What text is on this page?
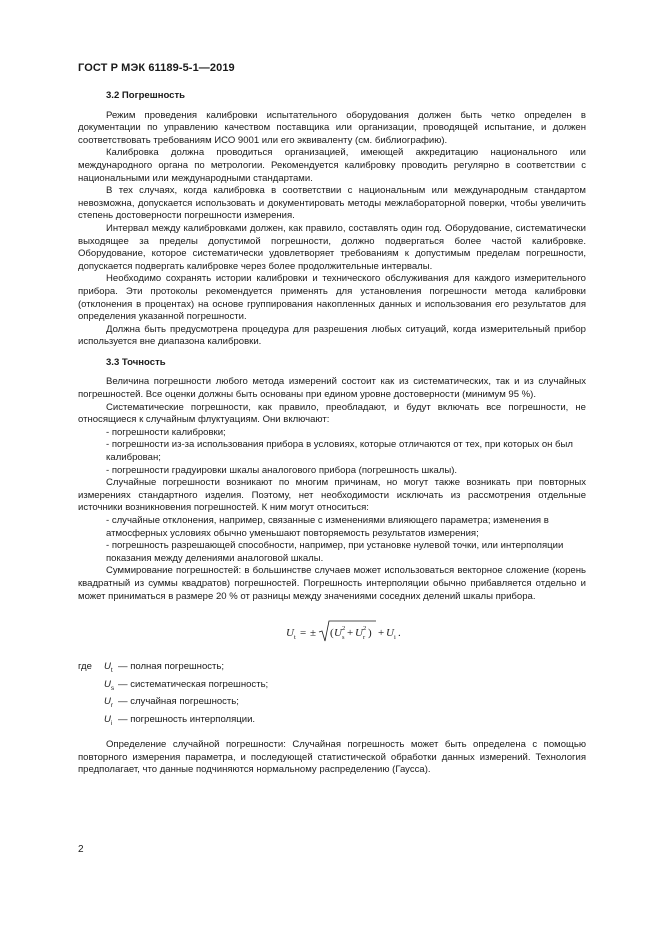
ГОСТ Р МЭК 61189-5-1—2019
3.2 Погрешность

Режим проведения калибровки испытательного оборудования должен быть четко определен в документации по управлению качеством поставщика или организации, проводящей испытание, и должен соответствовать требованиям ИСО 9001 или его эквиваленту (см. библиографию).

Калибровка должна проводиться организацией, имеющей аккредитацию национального или международного органа по метрологии. Рекомендуется калибровку проводить регулярно в соответствии с национальными или международными стандартами.

В тех случаях, когда калибровка в соответствии с национальным или международным стандартом невозможна, допускается использовать и документировать методы межлабораторной поверки, чтобы увеличить степень достоверности погрешности измерения.

Интервал между калибровками должен, как правило, составлять один год. Оборудование, систематически выходящее за пределы допустимой погрешности, должно подвергаться более частой калибровке. Оборудование, которое систематически удовлетворяет требованиям к допустимым пределам погрешности, допускается подвергать калибровке через более продолжительные интервалы.

Необходимо сохранять истории калибровки и технического обслуживания для каждого измерительного прибора. Эти протоколы рекомендуется применять для установления погрешности метода калибровки (отклонения в процентах) на основе группирования накопленных данных и использования его результатов для определения указанной погрешности.

Должна быть предусмотрена процедура для разрешения любых ситуаций, когда измерительный прибор используется вне диапазона калибровки.

3.3 Точность

Величина погрешности любого метода измерений состоит как из систематических, так и из случайных погрешностей. Все оценки должны быть основаны при едином уровне достоверности (минимум 95 %).

Систематические погрешности, как правило, преобладают, и будут включать все погрешности, не относящиеся к случайным флуктуациям. Они включают:

- погрешности калибровки;

- погрешности из-за использования прибора в условиях, которые отличаются от тех, при которых он был калиброван;

- погрешности градуировки шкалы аналогового прибора (погрешность шкалы).

Случайные погрешности возникают по многим причинам, но могут также возникать при повторных измерениях стандартного изделия. Поэтому, нет необходимости исключать из рассмотрения отдельные источники возникновения погрешностей. К ним могут относиться:

- случайные отклонения, например, связанные с изменениями влияющего параметра; изменения в атмосферных условиях обычно уменьшают повторяемость результатов измерения;

- погрешность разрешающей способности, например, при установке нулевой точки, или интерполяции показания между делениями аналоговой шкалы.

Суммирование погрешностей: в большинстве случаев может использоваться векторное сложение (корень квадратный из суммы квадратов) погрешностей. Погрешность интерполяции обычно прибавляется отдельно и может приниматься в размере 20 % от разницы между значениями соседних делений шкалы прибора.

U t = ± ( U s
2 + U r
2 ) + U i .
где $U_t$ — полная погрешность;
$U_s$ — систематическая погрешность;
$U_r$ — случайная погрешность;
$U_i$ — погрешность интерполяции.

Определение случайной погрешности: Случайная погрешность может быть определена с помощью повторного измерения параметра, и последующей статистической обработки данных измерений. Технология предполагает, что данные подчиняются нормальному распределению (Гаусса).

2
